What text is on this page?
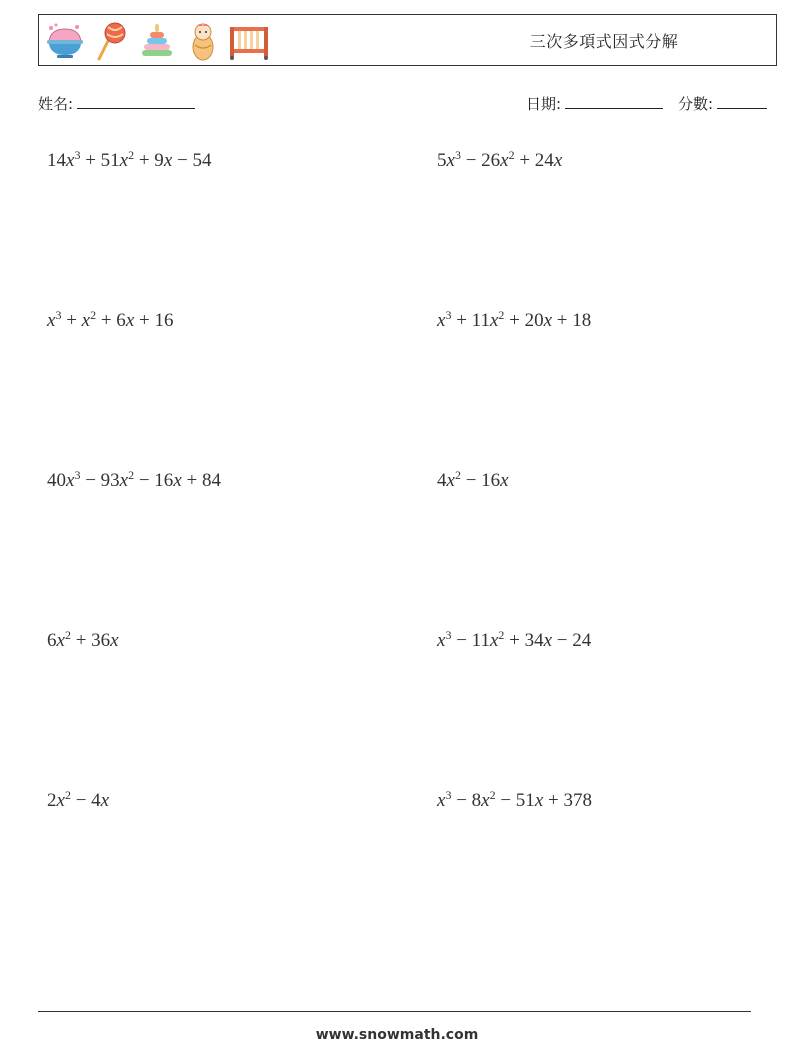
三次多項式因式分解
姓名:	日期:	分數:
$14x^3 + 51x^2 + 9x - 54$	$5x^3 - 26x^2 + 24x$
$x^3 + x^2 + 6x + 16$	$x^3 + 11x^2 + 20x + 18$
$40x^3 - 93x^2 - 16x + 84$	$4x^2 - 16x$
$6x^2 + 36x$	$x^3 - 11x^2 + 34x - 24$
$2x^2 - 4x$	$x^3 - 8x^2 - 51x + 378$
www.snowmath.com
